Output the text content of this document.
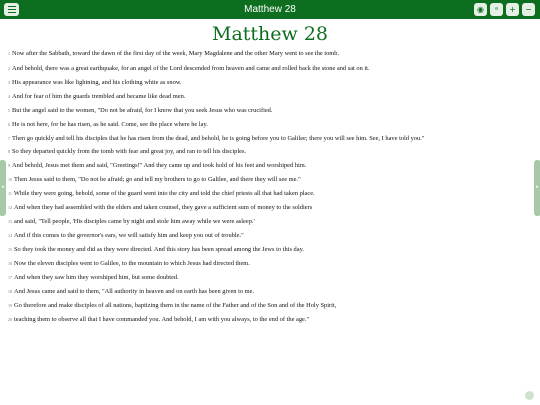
Matthew 28	◉	ᵃ	+	−
Matthew 28
$^1$ Now after the Sabbath, toward the dawn of the first day of the week, Mary Magdalene and the other Mary went to see the tomb.
$^2$ And behold, there was a great earthquake, for an angel of the Lord descended from heaven and came and rolled back the stone and sat on it.
$^3$ His appearance was like lightning, and his clothing white as snow.
$^4$ And for fear of him the guards trembled and became like dead men.
$^5$ But the angel said to the women, "Do not be afraid, for I know that you seek Jesus who was crucified.
$^6$ He is not here, for he has risen, as he said. Come, see the place where he lay.
$^7$ Then go quickly and tell his disciples that he has risen from the dead, and behold, he is going before you to Galilee; there you will see him. See, I have told you."
$^8$ So they departed quickly from the tomb with fear and great joy, and ran to tell his disciples.
$^9$ And behold, Jesus met them and said, "Greetings!" And they came up and took hold of his feet and worshiped him.
$^{10}$ Then Jesus said to them, "Do not be afraid; go and tell my brothers to go to Galilee, and there they will see me."
$^{11}$ While they were going, behold, some of the guard went into the city and told the chief priests all that had taken place.
$^{12}$ And when they had assembled with the elders and taken counsel, they gave a sufficient sum of money to the soldiers
$^{13}$ and said, "Tell people, 'His disciples came by night and stole him away while we were asleep.'
$^{14}$ And if this comes to the governor's ears, we will satisfy him and keep you out of trouble."
$^{15}$ So they took the money and did as they were directed. And this story has been spread among the Jews to this day.
$^{16}$ Now the eleven disciples went to Galilee, to the mountain to which Jesus had directed them.
$^{17}$ And when they saw him they worshiped him, but some doubted.
$^{18}$ And Jesus came and said to them, "All authority in heaven and on earth has been given to me.
$^{19}$ Go therefore and make disciples of all nations, baptizing them in the name of the Father and of the Son and of the Holy Spirit,
$^{20}$ teaching them to observe all that I have commanded you. And behold, I am with you always, to the end of the age."
◂	▸
